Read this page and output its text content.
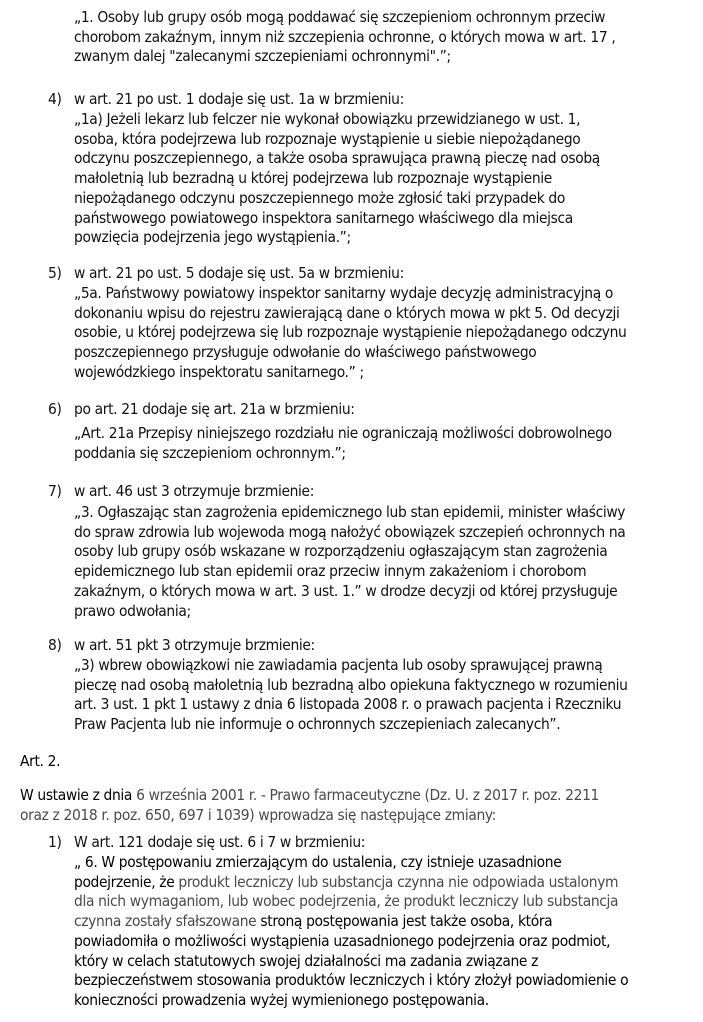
„1. Osoby lub grupy osób mogą poddawać się szczepieniom ochronnym przeciw
chorobom zakaźnym, innym niż szczepienia ochronne, o których mowa w art. 17 ,
zwanym dalej "zalecanymi szczepieniami ochronnymi".”;
4) w art. 21 po ust. 1 dodaje się ust. 1a w brzmieniu:
„1a) Jeżeli lekarz lub felczer nie wykonał obowiązku przewidzianego w ust. 1,
osoba, która podejrzewa lub rozpoznaje wystąpienie u siebie niepożądanego
odczynu poszczepiennego, a także osoba sprawująca prawną pieczę nad osobą
małoletnią lub bezradną u której podejrzewa lub rozpoznaje wystąpienie
niepożądanego odczynu poszczepiennego może zgłosić taki przypadek do
państwowego powiatowego inspektora sanitarnego właściwego dla miejsca
powzięcia podejrzenia jego wystąpienia.”;
5) w art. 21 po ust. 5 dodaje się ust. 5a w brzmieniu:
„5a. Państwowy powiatowy inspektor sanitarny wydaje decyzję administracyjną o
dokonaniu wpisu do rejestru zawierającą dane o których mowa w pkt 5. Od decyzji
osobie, u której podejrzewa się lub rozpoznaje wystąpienie niepożądanego odczynu
poszczepiennego przysługuje odwołanie do właściwego państwowego
wojewódzkiego inspektoratu sanitarnego.” ;
6) po art. 21 dodaje się art. 21a w brzmieniu:
„Art. 21a Przepisy niniejszego rozdziału nie ograniczają możliwości dobrowolnego
poddania się szczepieniom ochronnym.”;
7) w art. 46 ust 3 otrzymuje brzmienie:
„3. Ogłaszając stan zagrożenia epidemicznego lub stan epidemii, minister właściwy
do spraw zdrowia lub wojewoda mogą nałożyć obowiązek szczepień ochronnych na
osoby lub grupy osób wskazane w rozporządzeniu ogłaszającym stan zagrożenia
epidemicznego lub stan epidemii oraz przeciw innym zakażeniom i chorobom
zakaźnym, o których mowa w art. 3 ust. 1.” w drodze decyzji od której przysługuje
prawo odwołania;
8) w art. 51 pkt 3 otrzymuje brzmienie:
„3) wbrew obowiązkowi nie zawiadamia pacjenta lub osoby sprawującej prawną
pieczę nad osobą małoletnią lub bezradną albo opiekuna faktycznego w rozumieniu
art. 3 ust. 1 pkt 1 ustawy z dnia 6 listopada 2008 r. o prawach pacjenta i Rzeczniku
Praw Pacjenta lub nie informuje o ochronnych szczepieniach zalecanych”.
Art. 2.
W ustawie z dnia 6 września 2001 r. - Prawo farmaceutyczne (Dz. U. z 2017 r. poz. 2211
oraz z 2018 r. poz. 650, 697 i 1039) wprowadza się następujące zmiany:
1) W art. 121 dodaje się ust. 6 i 7 w brzmieniu:
„ 6. W postępowaniu zmierzającym do ustalenia, czy istnieje uzasadnione
podejrzenie, że produkt leczniczy lub substancja czynna nie odpowiada ustalonym
dla nich wymaganiom, lub wobec podejrzenia, że produkt leczniczy lub substancja
czynna zostały sfałszowane stroną postępowania jest także osoba, która
powiadomiła o możliwości wystąpienia uzasadnionego podejrzenia oraz podmiot,
który w celach statutowych swojej działalności ma zadania związane z
bezpieczeństwem stosowania produktów leczniczych i który złożył powiadomienie o
konieczności prowadzenia wyżej wymienionego postępowania.
